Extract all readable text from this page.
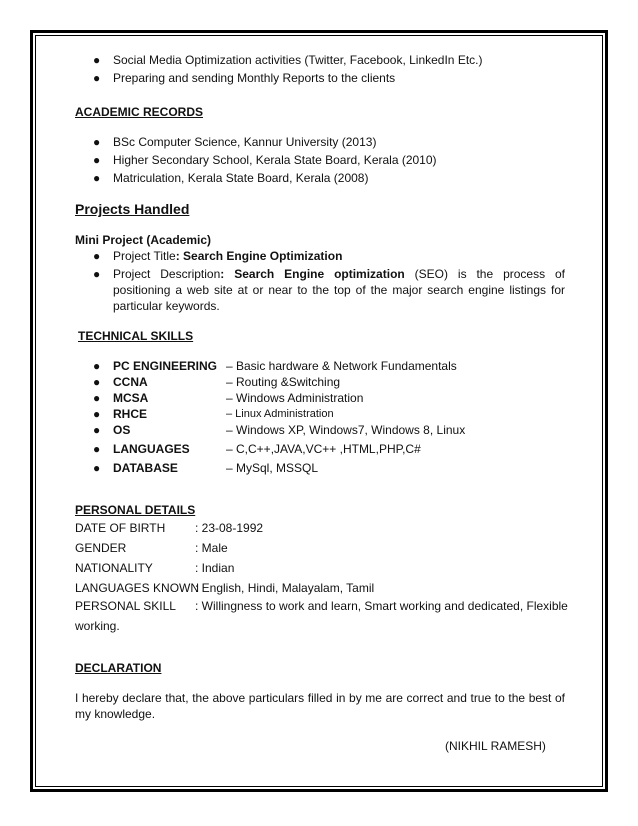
● Social Media Optimization activities (Twitter, Facebook, LinkedIn Etc.)
● Preparing and sending Monthly Reports to the clients
ACADEMIC RECORDS
● BSc Computer Science, Kannur University (2013)
● Higher Secondary School, Kerala State Board, Kerala (2010)
● Matriculation, Kerala State Board, Kerala (2008)
Projects Handled
Mini Project (Academic)
● Project Title: Search Engine Optimization
● Project Description: Search Engine optimization (SEO) is the process of positioning a web site at or near to the top of the major search engine listings for particular keywords.
TECHNICAL SKILLS
● PC ENGINEERING – Basic hardware & Network Fundamentals
● CCNA	– Routing &Switching
● MCSA	– Windows Administration
● RHCE	– Linux Administration
● OS	– Windows XP, Windows7, Windows 8, Linux
● LANGUAGES	– C,C++,JAVA,VC++ ,HTML,PHP,C#
● DATABASE	– MySql, MSSQL
PERSONAL DETAILS
DATE OF BIRTH : 23-08-1992
GENDER	: Male
NATIONALITY	: Indian
LANGUAGES KNOWN
: English, Hindi, Malayalam, Tamil
PERSONAL SKILL : Willingness to work and learn, Smart working and dedicated, Flexible
working.
DECLARATION
I hereby declare that, the above particulars filled in by me are correct and true to the best of my knowledge.
(NIKHIL RAMESH)
